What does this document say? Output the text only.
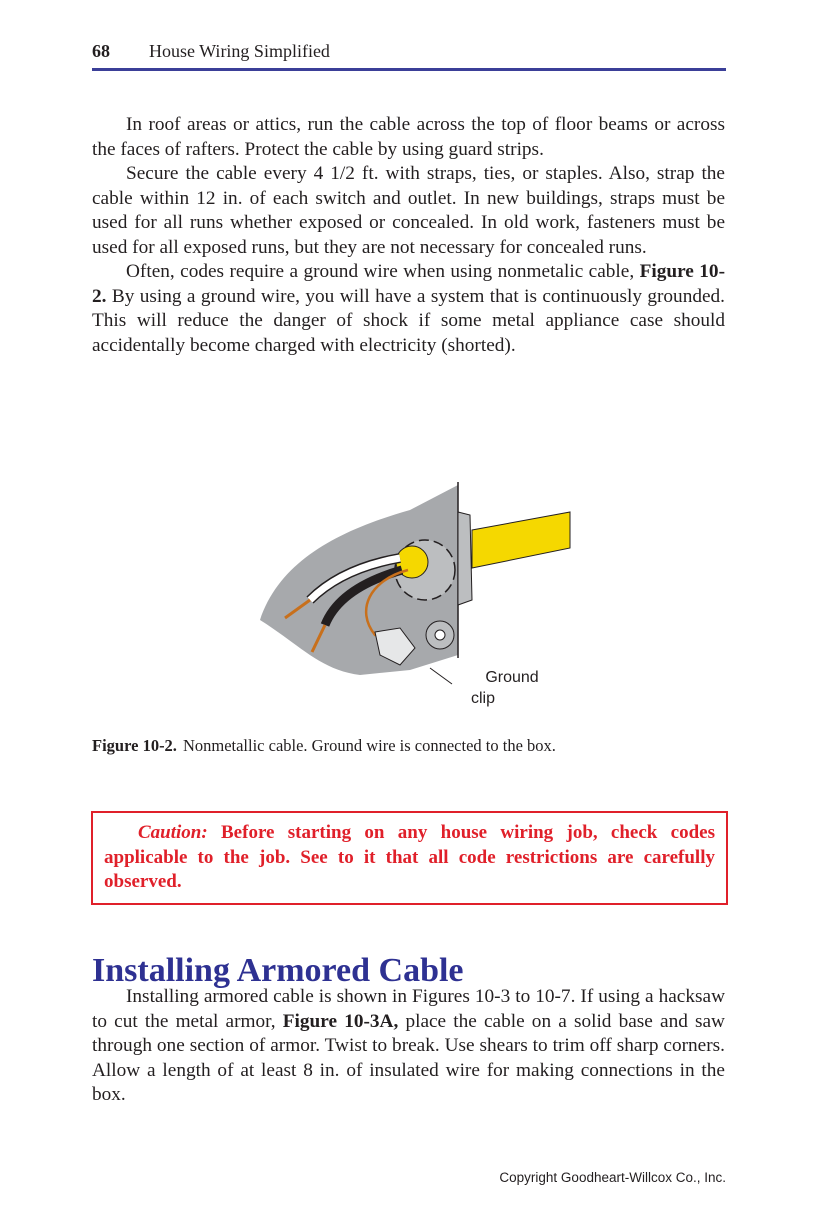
68 House Wiring Simplified

In roof areas or attics, run the cable across the top of floor beams or across the faces of rafters. Protect the cable by using guard strips.

Secure the cable every 4 1/2 ft. with straps, ties, or staples. Also, strap the cable within 12 in. of each switch and outlet. In new buildings, straps must be used for all runs whether exposed or concealed. In old work, fasteners must be used for all exposed runs, but they are not necessary for concealed runs.

Often, codes require a ground wire when using nonmetalic cable, Figure 10-2. By using a ground wire, you will have a system that is continuously grounded. This will reduce the danger of shock if some metal appliance case should accidentally become charged with electricity (shorted).

Ground
clip
Figure 10-2. Nonmetallic cable. Ground wire is connected to the box.
Caution: Before starting on any house wiring job, check codes applicable to the job. See to it that all code restrictions are carefully observed.
Installing Armored Cable

Installing armored cable is shown in Figures 10-3 to 10-7. If using a hacksaw to cut the metal armor, Figure 10-3A, place the cable on a solid base and saw through one section of armor. Twist to break. Use shears to trim off sharp corners. Allow a length of at least 8 in. of insulated wire for making connections in the box.

Copyright Goodheart-Willcox Co., Inc.
